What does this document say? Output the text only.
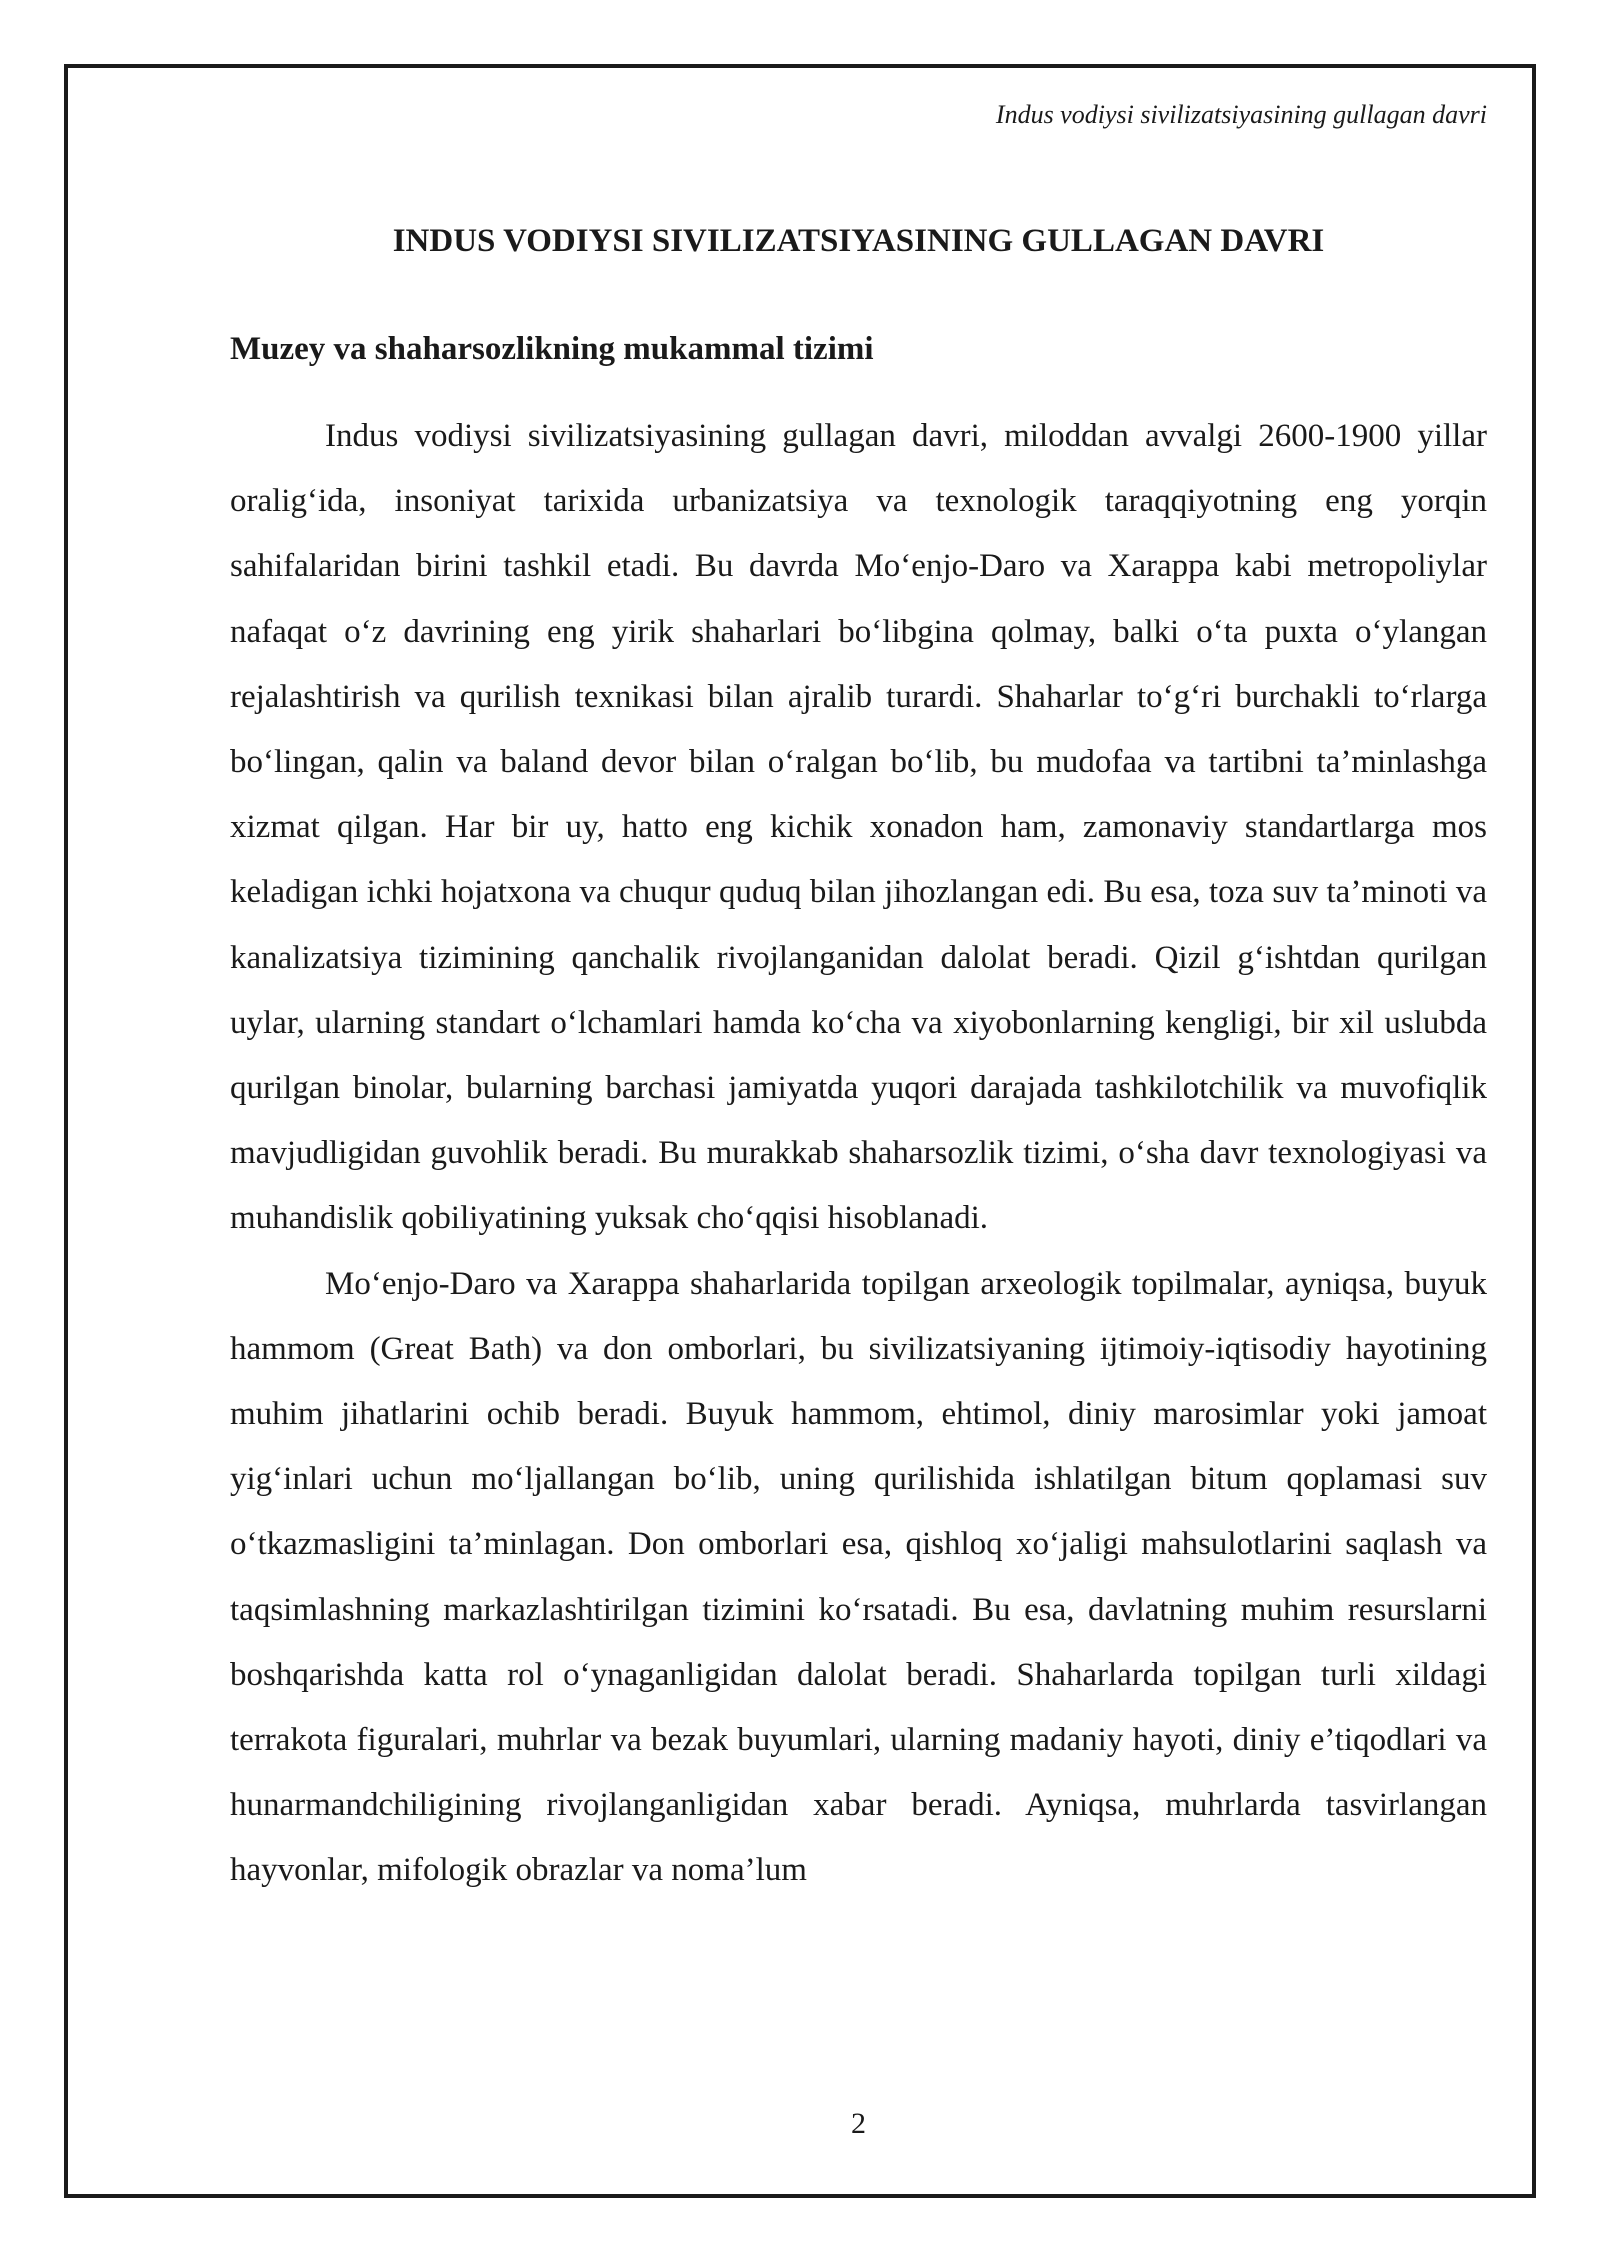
Indus vodiysi sivilizatsiyasining gullagan davri
INDUS VODIYSI SIVILIZATSIYASINING GULLAGAN DAVRI
Muzey va shaharsozlikning mukammal tizimi

Indus vodiysi sivilizatsiyasining gullagan davri, miloddan avvalgi 2600-1900 yillar oralig‘ida, insoniyat tarixida urbanizatsiya va texnologik taraqqiyotning eng yorqin sahifalaridan birini tashkil etadi. Bu davrda Mo‘enjo-Daro va Xarappa kabi metropoliylar nafaqat o‘z davrining eng yirik shaharlari bo‘libgina qolmay, balki o‘ta puxta o‘ylangan rejalashtirish va qurilish texnikasi bilan ajralib turardi. Shaharlar to‘g‘ri burchakli to‘rlarga bo‘lingan, qalin va baland devor bilan o‘ralgan bo‘lib, bu mudofaa va tartibni ta’minlashga xizmat qilgan. Har bir uy, hatto eng kichik xonadon ham, zamonaviy standartlarga mos keladigan ichki hojatxona va chuqur quduq bilan jihozlangan edi. Bu esa, toza suv ta’minoti va kanalizatsiya tizimining qanchalik rivojlanganidan dalolat beradi. Qizil g‘ishtdan qurilgan uylar, ularning standart o‘lchamlari hamda ko‘cha va xiyobonlarning kengligi, bir xil uslubda qurilgan binolar, bularning barchasi jamiyatda yuqori darajada tashkilotchilik va muvofiqlik mavjudligidan guvohlik beradi. Bu murakkab shaharsozlik tizimi, o‘sha davr texnologiyasi va muhandislik qobiliyatining yuksak cho‘qqisi hisoblanadi.

Mo‘enjo-Daro va Xarappa shaharlarida topilgan arxeologik topilmalar, ayniqsa, buyuk hammom (Great Bath) va don omborlari, bu sivilizatsiyaning ijtimoiy-iqtisodiy hayotining muhim jihatlarini ochib beradi. Buyuk hammom, ehtimol, diniy marosimlar yoki jamoat yig‘inlari uchun mo‘ljallangan bo‘lib, uning qurilishida ishlatilgan bitum qoplamasi suv o‘tkazmasligini ta’minlagan. Don omborlari esa, qishloq xo‘jaligi mahsulotlarini saqlash va taqsimlashning markazlashtirilgan tizimini ko‘rsatadi. Bu esa, davlatning muhim resurslarni boshqarishda katta rol o‘ynaganligidan dalolat beradi. Shaharlarda topilgan turli xildagi terrakota figuralari, muhrlar va bezak buyumlari, ularning madaniy hayoti, diniy e’tiqodlari va hunarmandchiligining rivojlanganligidan xabar beradi. Ayniqsa, muhrlarda tasvirlangan hayvonlar, mifologik obrazlar va noma’lum

2
